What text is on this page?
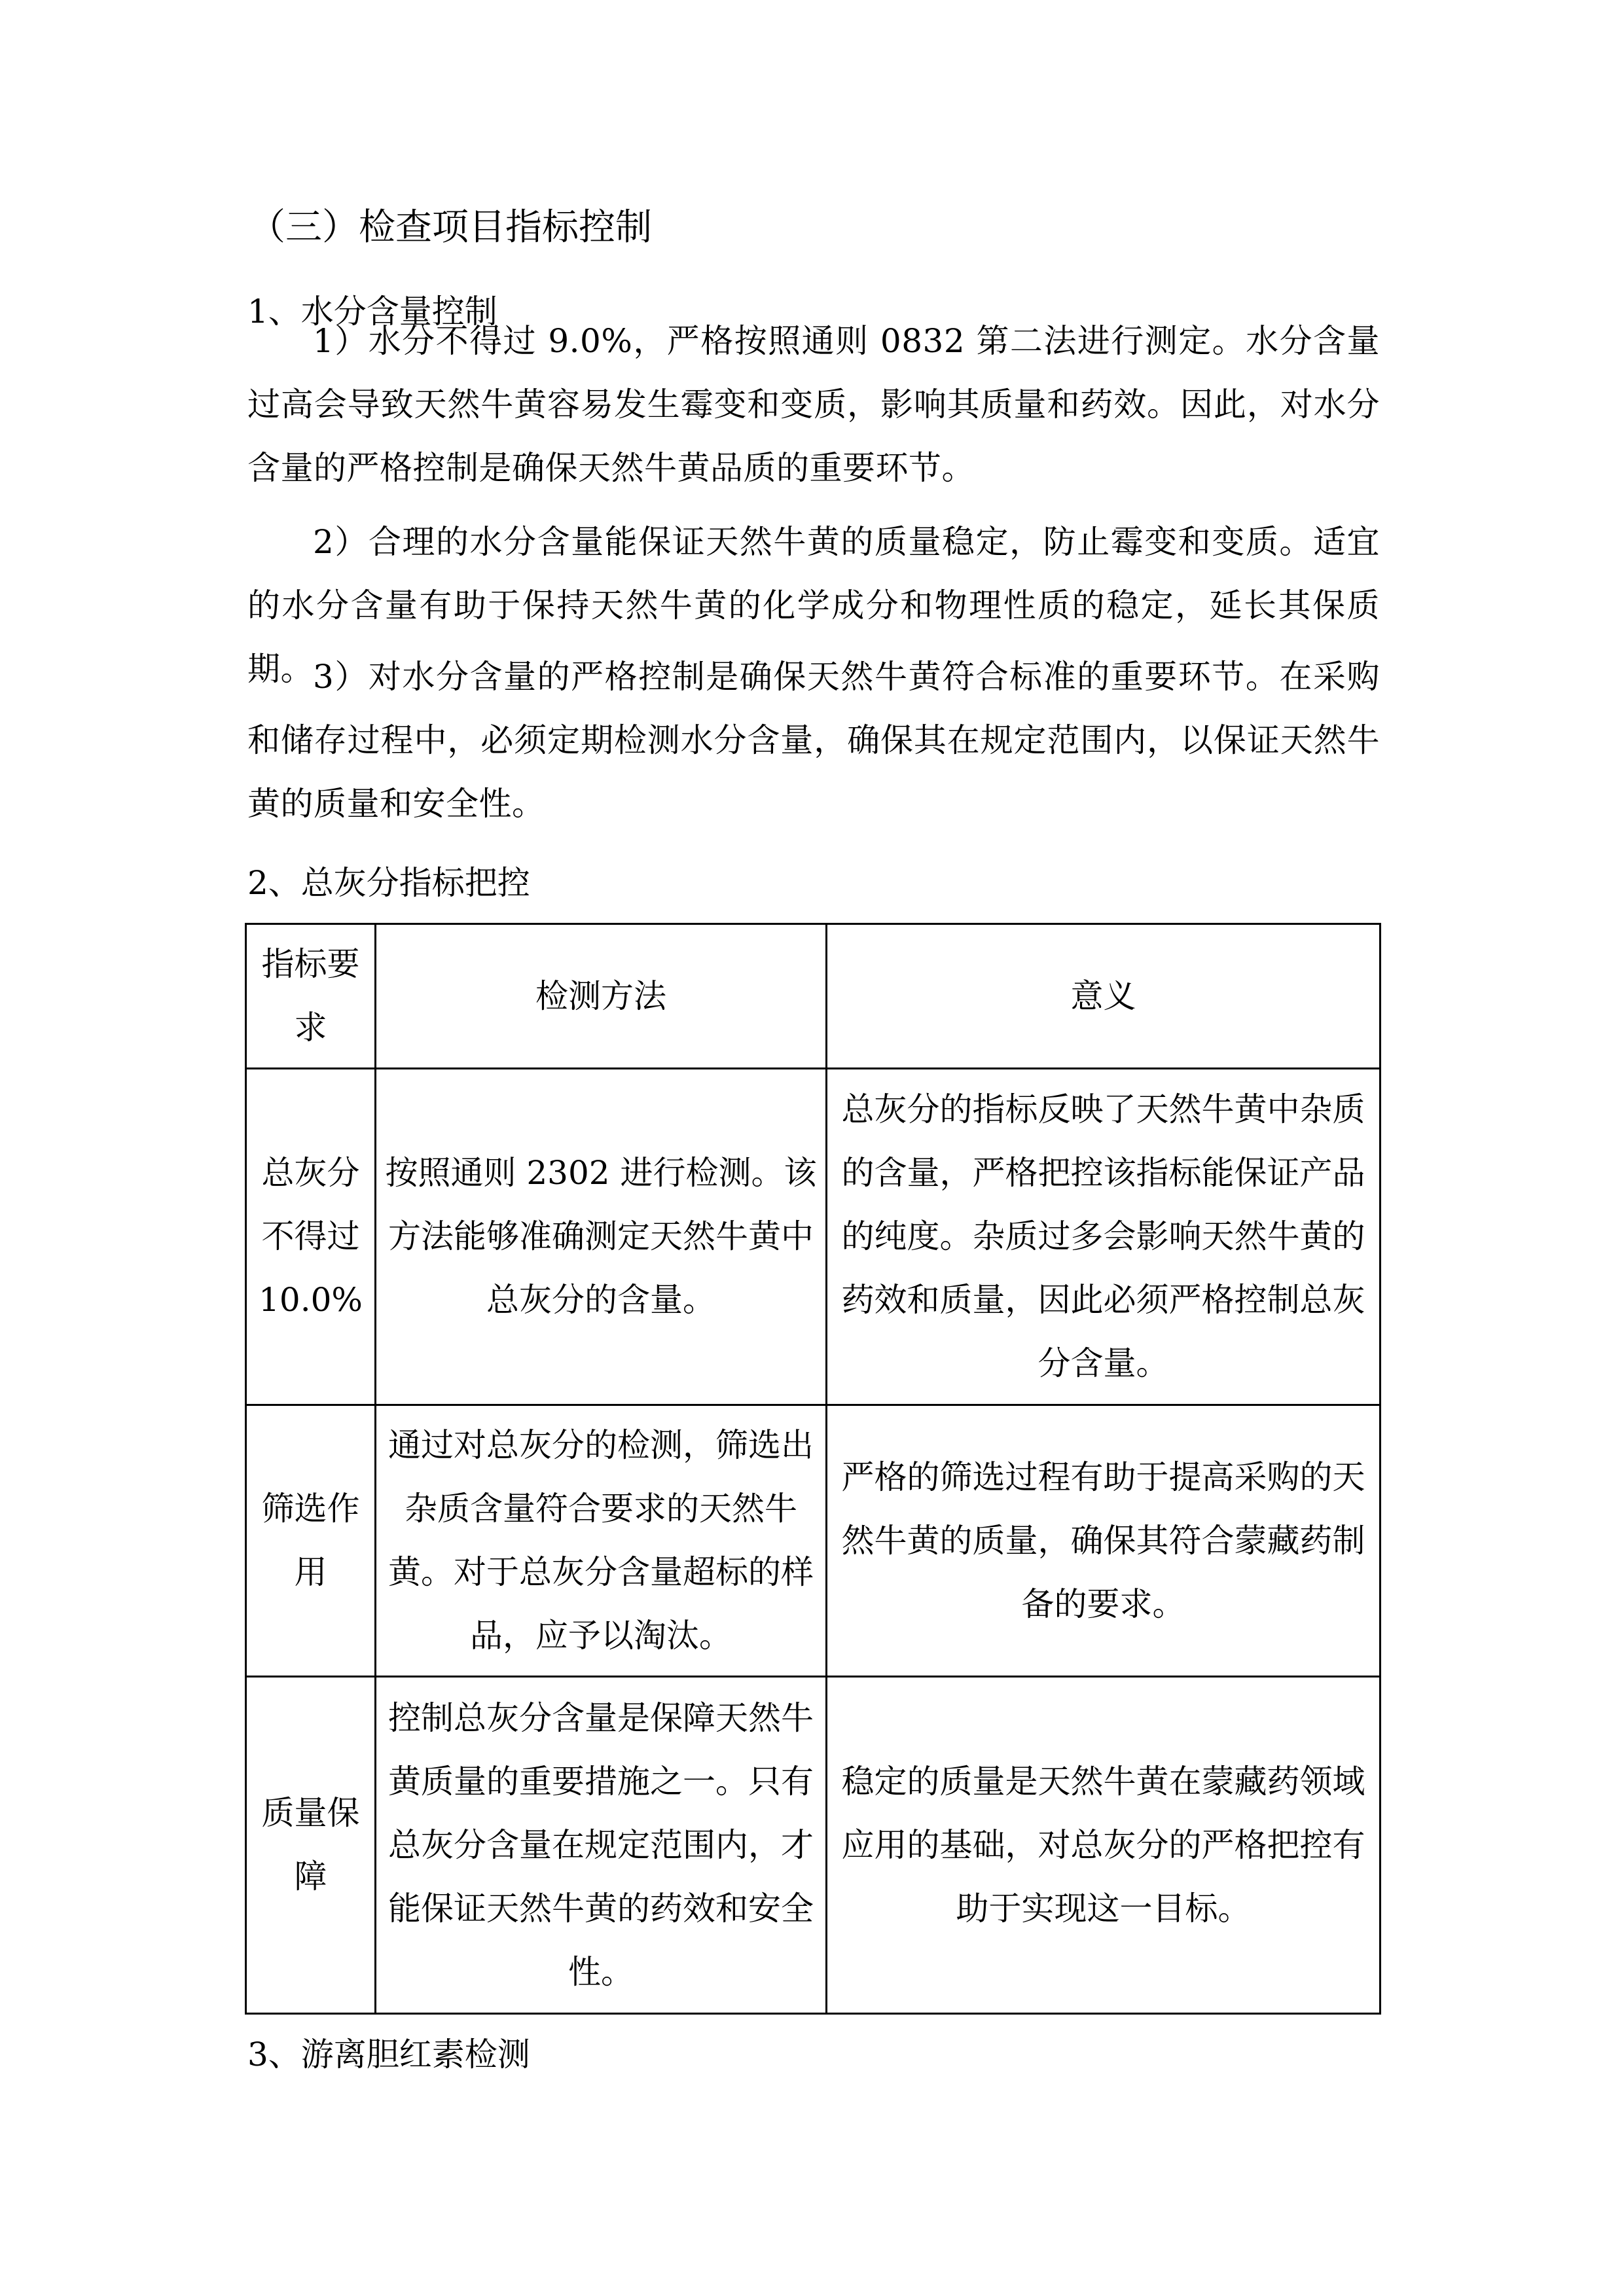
（三）检查项目指标控制
1、水分含量控制

1）水分不得过 9.0%，严格按照通则 0832 第二法进行测定。水分含量过高会导致天然牛黄容易发生霉变和变质，影响其质量和药效。因此，对水分含量的严格控制是确保天然牛黄品质的重要环节。

2）合理的水分含量能保证天然牛黄的质量稳定，防止霉变和变质。适宜的水分含量有助于保持天然牛黄的化学成分和物理性质的稳定，延长其保质期。 3）对水分含量的严格控制是确保天然牛黄符合标准的重要环节。在采购和储存过程中，必须定期检测水分含量，确保其在规定范围内，以保证天然牛黄的质量和安全性。

2、总灰分指标把控
指标要求	检测方法	意义
总灰分不得过10.0%	按照通则 2302 进行检测。该方法能够准确测定天然牛黄中总灰分的含量。	总灰分的指标反映了天然牛黄中杂质的含量，严格把控该指标能保证产品的纯度。杂质过多会影响天然牛黄的药效和质量，因此必须严格控制总灰分含量。
筛选作用	通过对总灰分的检测，筛选出杂质含量符合要求的天然牛黄。对于总灰分含量超标的样品，应予以淘汰。	严格的筛选过程有助于提高采购的天然牛黄的质量，确保其符合蒙藏药制备的要求。
质量保障	控制总灰分含量是保障天然牛黄质量的重要措施之一。只有总灰分含量在规定范围内，才能保证天然牛黄的药效和安全性。	稳定的质量是天然牛黄在蒙藏药领域应用的基础，对总灰分的严格把控有助于实现这一目标。
3、游离胆红素检测
